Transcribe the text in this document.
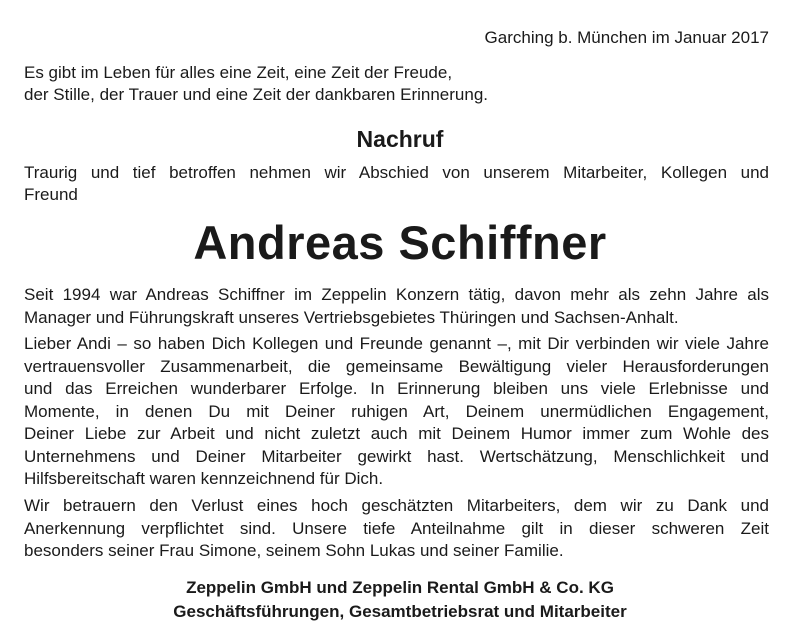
Garching b. München im Januar 2017
Es gibt im Leben für alles eine Zeit, eine Zeit der Freude,
der Stille, der Trauer und eine Zeit der dankbaren Erinnerung.
Nachruf
Traurig und tief betroffen nehmen wir Abschied von unserem Mitarbeiter, Kollegen und
Freund
Andreas Schiffner
Seit 1994 war Andreas Schiffner im Zeppelin Konzern tätig, davon mehr als zehn Jahre als
Manager und Führungskraft unseres Vertriebsgebietes Thüringen und Sachsen-Anhalt.
Lieber Andi – so haben Dich Kollegen und Freunde genannt –, mit Dir verbinden wir viele Jahre
vertrauensvoller Zusammenarbeit, die gemeinsame Bewältigung vieler Herausforderungen
und das Erreichen wunderbarer Erfolge. In Erinnerung bleiben uns viele Erlebnisse und
Momente, in denen Du mit Deiner ruhigen Art, Deinem unermüdlichen Engagement,
Deiner Liebe zur Arbeit und nicht zuletzt auch mit Deinem Humor immer zum Wohle des
Unternehmens und Deiner Mitarbeiter gewirkt hast. Wertschätzung, Menschlichkeit und
Hilfsbereitschaft waren kennzeichnend für Dich.
Wir betrauern den Verlust eines hoch geschätzten Mitarbeiters, dem wir zu Dank und
Anerkennung verpflichtet sind. Unsere tiefe Anteilnahme gilt in dieser schweren Zeit
besonders seiner Frau Simone, seinem Sohn Lukas und seiner Familie.
Zeppelin GmbH und Zeppelin Rental GmbH & Co. KG
Geschäftsführungen, Gesamtbetriebsrat und Mitarbeiter
